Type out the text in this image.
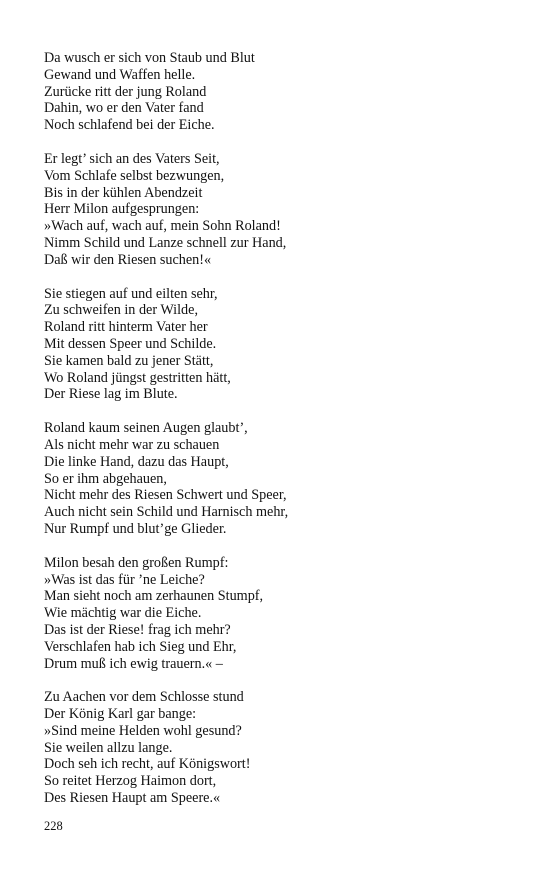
Da wusch er sich von Staub und Blut
Gewand und Waffen helle.
Zurücke ritt der jung Roland
Dahin, wo er den Vater fand
Noch schlafend bei der Eiche.
Er legt’ sich an des Vaters Seit,
Vom Schlafe selbst bezwungen,
Bis in der kühlen Abendzeit
Herr Milon aufgesprungen:
»Wach auf, wach auf, mein Sohn Roland!
Nimm Schild und Lanze schnell zur Hand,
Daß wir den Riesen suchen!«
Sie stiegen auf und eilten sehr,
Zu schweifen in der Wilde,
Roland ritt hinterm Vater her
Mit dessen Speer und Schilde.
Sie kamen bald zu jener Stätt,
Wo Roland jüngst gestritten hätt,
Der Riese lag im Blute.
Roland kaum seinen Augen glaubt’,
Als nicht mehr war zu schauen
Die linke Hand, dazu das Haupt,
So er ihm abgehauen,
Nicht mehr des Riesen Schwert und Speer,
Auch nicht sein Schild und Harnisch mehr,
Nur Rumpf und blut’ge Glieder.
Milon besah den großen Rumpf:
»Was ist das für ’ne Leiche?
Man sieht noch am zerhaunen Stumpf,
Wie mächtig war die Eiche.
Das ist der Riese! frag ich mehr?
Verschlafen hab ich Sieg und Ehr,
Drum muß ich ewig trauern.« –
Zu Aachen vor dem Schlosse stund
Der König Karl gar bange:
»Sind meine Helden wohl gesund?
Sie weilen allzu lange.
Doch seh ich recht, auf Königswort!
So reitet Herzog Haimon dort,
Des Riesen Haupt am Speere.«
228
